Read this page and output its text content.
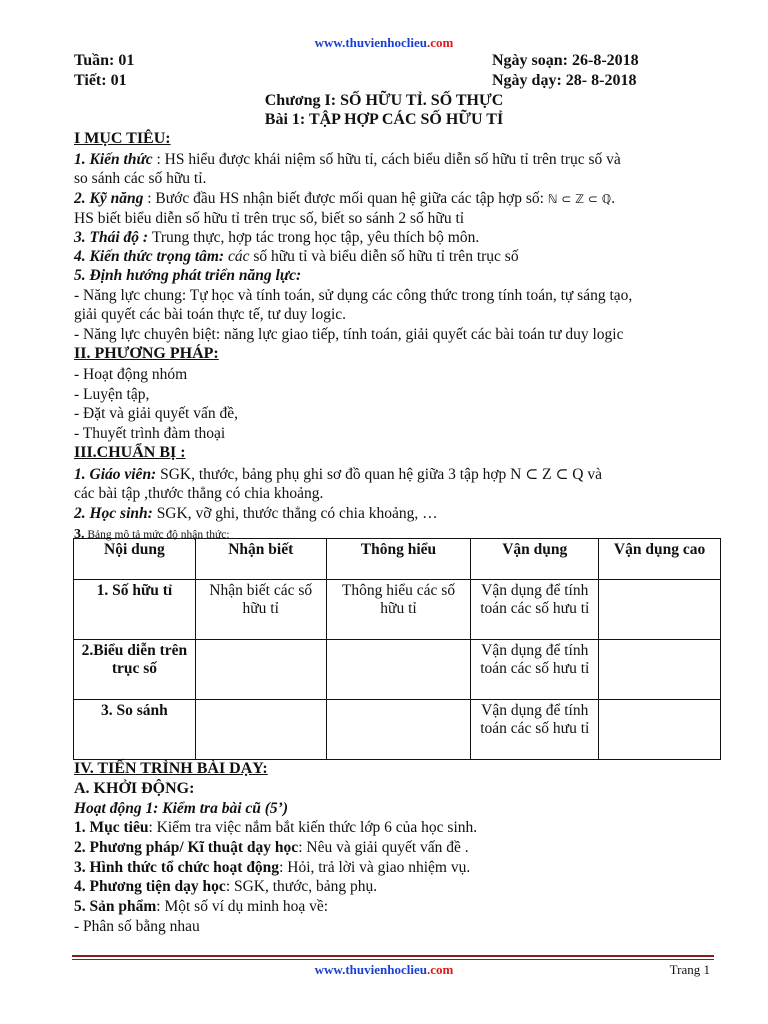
www.thuvienhoclieu.com
Tuần: 01
Tiết: 01
Ngày soạn: 26-8-2018
Ngày dạy: 28- 8-2018
Chương I: SỐ HỮU TỈ. SỐ THỰC
Bài 1: TẬP HỢP CÁC SỐ HỮU TỈ
I MỤC TIÊU:
1. Kiến thức : HS hiểu được khái niệm số hữu tỉ, cách biểu diễn số hữu tỉ trên trục số và
so sánh các số hữu tỉ.
2. Kỹ năng : Bước đầu HS nhận biết được mối quan hệ giữa các tập hợp số: ℕ ⊂ ℤ ⊂ ℚ.
HS biết biểu diễn số hữu tỉ trên trục số, biết so sánh 2 số hữu tỉ
3. Thái độ : Trung thực, hợp tác trong học tập, yêu thích bộ môn.
4. Kiến thức trọng tâm: các số hữu tỉ và biểu diễn số hữu tỉ trên trục số
5. Định hướng phát triển năng lực:
- Năng lực chung: Tự học và tính toán, sử dụng các công thức trong tính toán, tự sáng tạo,
giải quyết các bài toán thực tế, tư duy logic.
- Năng lực chuyên biệt: năng lực giao tiếp, tính toán, giải quyết các bài toán tư duy logic
II. PHƯƠNG PHÁP:
- Hoạt động nhóm
- Luyện tập,
- Đặt và giải quyết vấn đề,
- Thuyết trình đàm thoại
III.CHUẨN BỊ :
1. Giáo viên: SGK, thước, bảng phụ ghi sơ đồ quan hệ giữa 3 tập hợp N ⊂ Z ⊂ Q và
các bài tập ,thước thẳng có chia khoảng.
2. Học sinh: SGK, vỡ ghi, thước thẳng có chia khoảng, …
3. Bảng mô tả mức độ nhận thức:
Nội dung	Nhận biết	Thông hiểu	Vận dụng	Vận dụng cao
1. Số hữu tỉ	Nhận biết các số hữu tỉ	Thông hiểu các số hữu tỉ	Vận dụng để tính toán các số hưu tỉ	
2.Biểu diễn trên trục số			Vận dụng để tính toán các số hưu tỉ	
3. So sánh			Vận dụng để tính toán các số hưu tỉ	
IV. TIẾN TRÌNH BÀI DẠY:
A. KHỞI ĐỘNG:
Hoạt động 1: Kiểm tra bài cũ (5’)
1. Mục tiêu: Kiểm tra việc nắm bắt kiến thức lớp 6 của học sinh.
2. Phương pháp/ Kĩ thuật dạy học: Nêu và giải quyết vấn đề .
3. Hình thức tổ chức hoạt động: Hỏi, trả lời và giao nhiệm vụ.
4. Phương tiện dạy học: SGK, thước, bảng phụ.
5. Sản phẩm: Một số ví dụ minh hoạ về:
- Phân số bằng nhau
www.thuvienhoclieu.com	Trang 1
